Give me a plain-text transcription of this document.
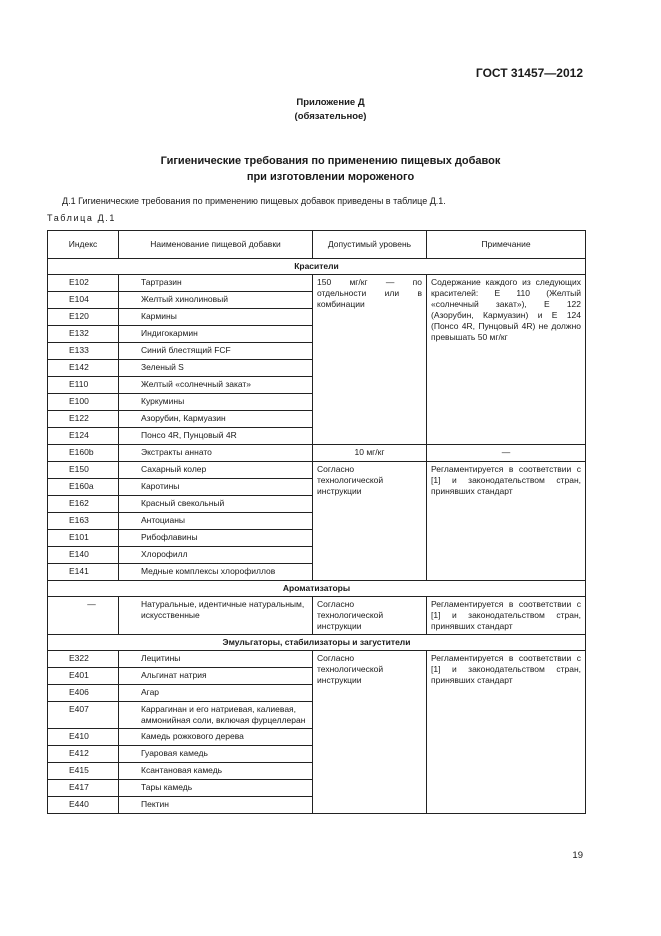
ГОСТ 31457—2012
Приложение Д
(обязательное)
Гигиенические требования по применению пищевых добавок
при изготовлении мороженого
Д.1 Гигиенические требования по применению пищевых добавок приведены в таблице Д.1.
Таблица Д.1
Индекс	Наименование пищевой добавки	Допустимый уровень	Примечание
Красители			
E102	Тартразин	150 мг/кг — по отдельности или в комбинации	Содержание каждого из следующих красителей: Е 110 (Желтый «солнечный закат»), Е 122 (Азорубин, Кармуазин) и Е 124 (Понсо 4R, Пунцовый 4R) не должно превышать 50 мг/кг
E104	Желтый хинолиновый		
E120	Кармины		
E132	Индигокармин		
E133	Синий блестящий FCF		
E142	Зеленый S		
E110	Желтый «солнечный закат»		
E100	Куркумины		
E122	Азорубин, Кармуазин		
E124	Понсо 4R, Пунцовый 4R		
E160b	Экстракты аннато	10 мг/кг	—
E150	Сахарный колер	Согласно технологической инструкции	Регламентируется в соответствии с [1] и законодательством стран, принявших стандарт
E160a	Каротины		
E162	Красный свекольный		
E163	Антоцианы		
E101	Рибофлавины		
E140	Хлорофилл		
E141	Медные комплексы хлорофиллов		
Ароматизаторы			
—	Натуральные, идентичные натуральным, искусственные	Согласно технологической инструкции	Регламентируется в соответствии с [1] и законодательством стран, принявших стандарт
Эмульгаторы, стабилизаторы и загустители			
E322	Лецитины	Согласно технологической инструкции	Регламентируется в соответствии с [1] и законодательством стран, принявших стандарт
E401	Альгинат натрия		
E406	Агар		
E407	Каррагинан и его натриевая, калиевая, аммонийная соли, включая фурцеллеран		
E410	Камедь рожкового дерева		
E412	Гуаровая камедь		
E415	Ксантановая камедь		
E417	Тары камедь		
E440	Пектин		
19
